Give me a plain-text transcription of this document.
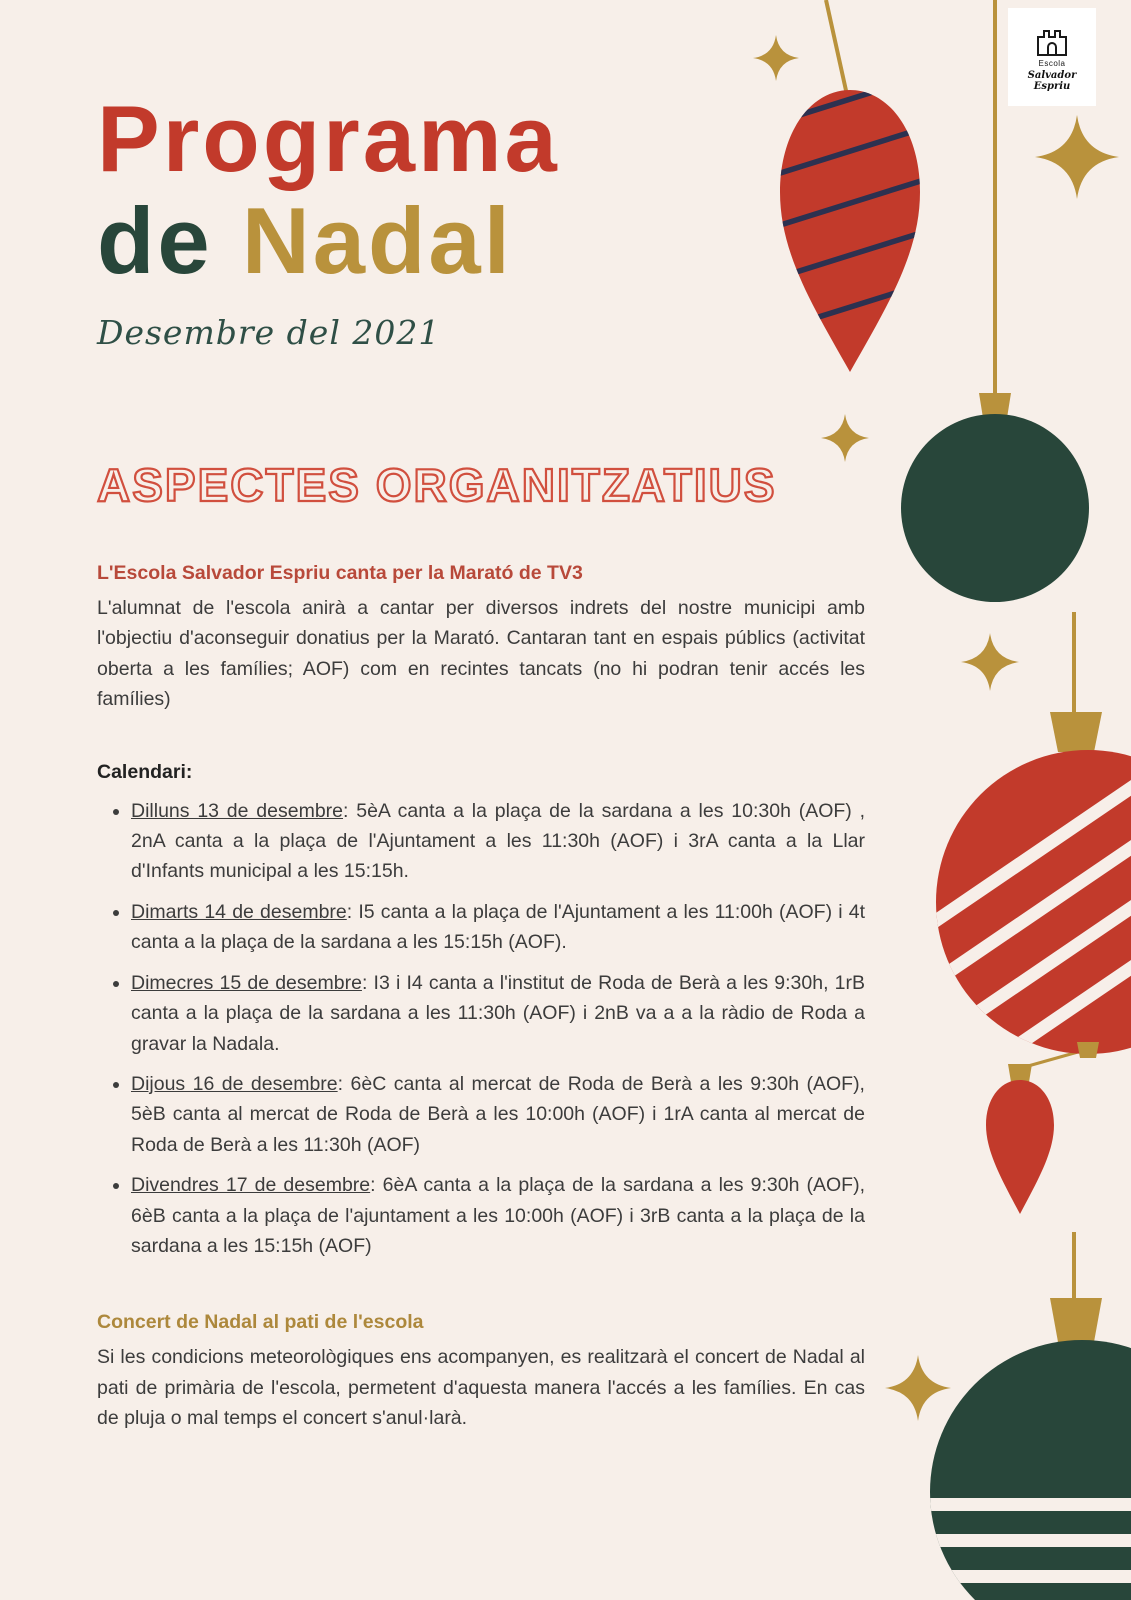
Escola
Salvador Espriu
Programa
de Nadal
Desembre del 2021
ASPECTES ORGANITZATIUS
L'Escola Salvador Espriu canta per la Marató de TV3

L'alumnat de l'escola anirà a cantar per diversos indrets del nostre municipi amb l'objectiu d'aconseguir donatius per la Marató. Cantaran tant en espais públics (activitat oberta a les famílies; AOF) com en recintes tancats (no hi podran tenir accés les famílies)

Calendari:
• Dilluns 13 de desembre: 5èA canta a la plaça de la sardana a les 10:30h (AOF) , 2nA canta a la plaça de l'Ajuntament a les 11:30h (AOF) i 3rA canta a la Llar d'Infants municipal a les 15:15h.
• Dimarts 14 de desembre: I5 canta a la plaça de l'Ajuntament a les 11:00h (AOF) i 4t canta a la plaça de la sardana a les 15:15h (AOF).
• Dimecres 15 de desembre: I3 i I4 canta a l'institut de Roda de Berà a les 9:30h, 1rB canta a la plaça de la sardana a les 11:30h (AOF) i 2nB va a a la ràdio de Roda a gravar la Nadala.
• Dijous 16 de desembre: 6èC canta al mercat de Roda de Berà a les 9:30h (AOF), 5èB canta al mercat de Roda de Berà a les 10:00h (AOF) i 1rA canta al mercat de Roda de Berà a les 11:30h (AOF)
• Divendres 17 de desembre: 6èA canta a la plaça de la sardana a les 9:30h (AOF), 6èB canta a la plaça de l'ajuntament a les 10:00h (AOF) i 3rB canta a la plaça de la sardana a les 15:15h (AOF)
Concert de Nadal al pati de l'escola

Si les condicions meteorològiques ens acompanyen, es realitzarà el concert de Nadal al pati de primària de l'escola, permetent d'aquesta manera l'accés a les famílies. En cas de pluja o mal temps el concert s'anul·larà.
